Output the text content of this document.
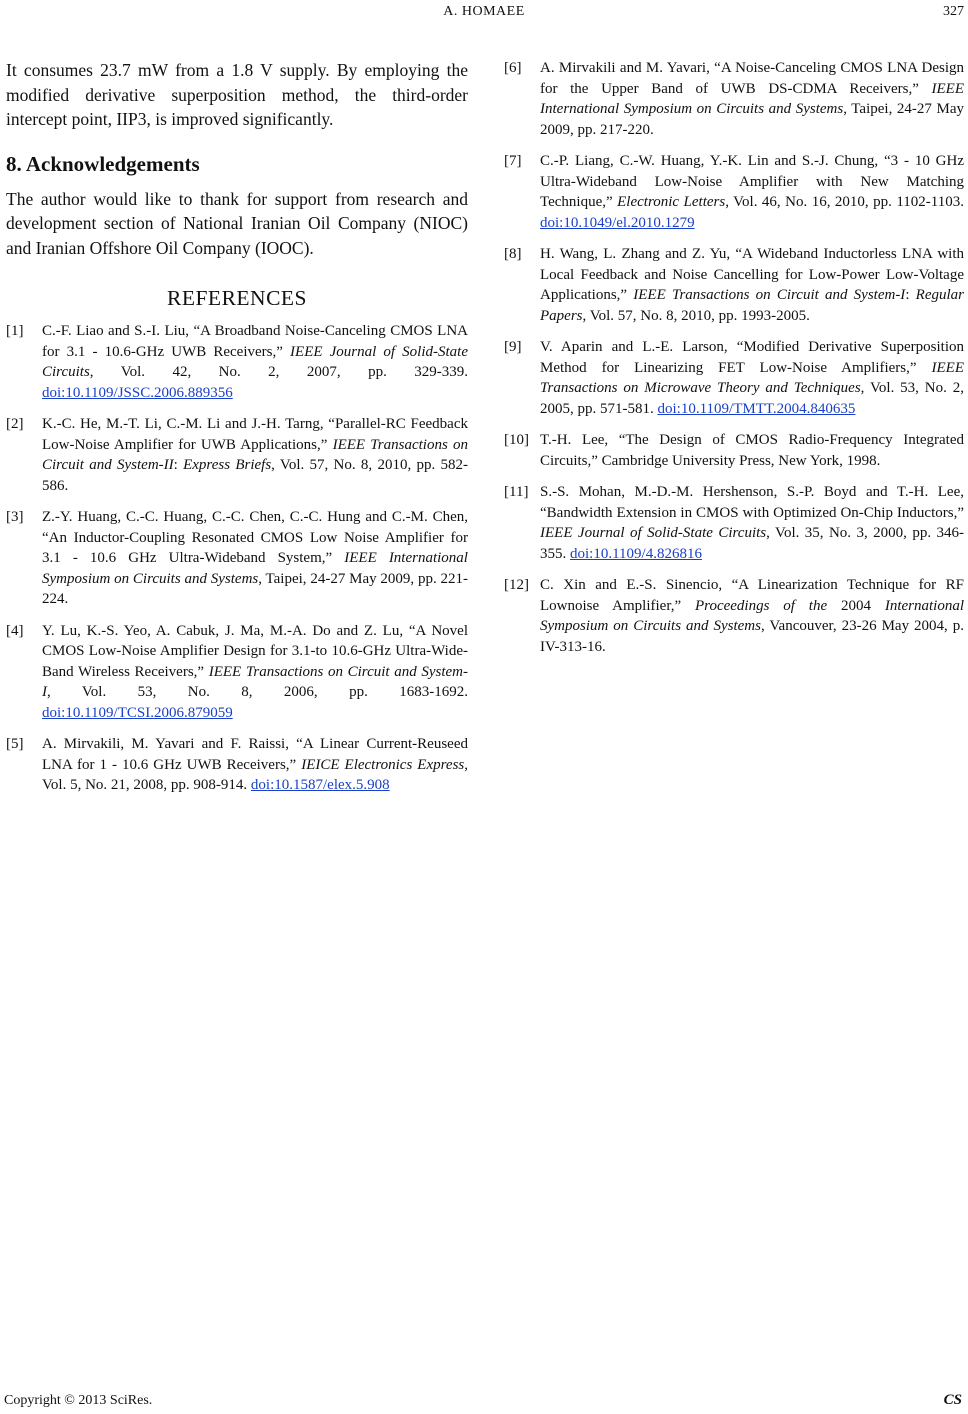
A. HOMAEE	327

It consumes 23.7 mW from a 1.8 V supply. By employing the modified derivative superposition method, the third-order intercept point, IIP3, is improved significantly.

8. Acknowledgements

The author would like to thank for support from research and development section of National Iranian Oil Company (NIOC) and Iranian Offshore Oil Company (IOOC).

REFERENCES
[1]	C.-F. Liao and S.-I. Liu, “A Broadband Noise-Canceling CMOS LNA for 3.1 - 10.6-GHz UWB Receivers,” IEEE Journal of Solid-State Circuits, Vol. 42, No. 2, 2007, pp. 329-339. doi:10.1109/JSSC.2006.889356
[2]	K.-C. He, M.-T. Li, C.-M. Li and J.-H. Tarng, “Parallel-RC Feedback Low-Noise Amplifier for UWB Applications,” IEEE Transactions on Circuit and System-II: Express Briefs, Vol. 57, No. 8, 2010, pp. 582-586.
[3]	Z.-Y. Huang, C.-C. Huang, C.-C. Chen, C.-C. Hung and C.-M. Chen, “An Inductor-Coupling Resonated CMOS Low Noise Amplifier for 3.1 - 10.6 GHz Ultra-Wideband System,” IEEE International Symposium on Circuits and Systems, Taipei, 24-27 May 2009, pp. 221-224.
[4]	Y. Lu, K.-S. Yeo, A. Cabuk, J. Ma, M.-A. Do and Z. Lu, “A Novel CMOS Low-Noise Amplifier Design for 3.1-to 10.6-GHz Ultra-Wide-Band Wireless Receivers,” IEEE Transactions on Circuit and System-I, Vol. 53, No. 8, 2006, pp. 1683-1692. doi:10.1109/TCSI.2006.879059
[5]	A. Mirvakili, M. Yavari and F. Raissi, “A Linear Current-Reuseed LNA for 1 - 10.6 GHz UWB Receivers,” IEICE Electronics Express, Vol. 5, No. 21, 2008, pp. 908-914. doi:10.1587/elex.5.908
[6]	A. Mirvakili and M. Yavari, “A Noise-Canceling CMOS LNA Design for the Upper Band of UWB DS-CDMA Receivers,” IEEE International Symposium on Circuits and Systems, Taipei, 24-27 May 2009, pp. 217-220.
[7]	C.-P. Liang, C.-W. Huang, Y.-K. Lin and S.-J. Chung, “3 - 10 GHz Ultra-Wideband Low-Noise Amplifier with New Matching Technique,” Electronic Letters, Vol. 46, No. 16, 2010, pp. 1102-1103. doi:10.1049/el.2010.1279
[8]	H. Wang, L. Zhang and Z. Yu, “A Wideband Inductorless LNA with Local Feedback and Noise Cancelling for Low-Power Low-Voltage Applications,” IEEE Transactions on Circuit and System-I: Regular Papers, Vol. 57, No. 8, 2010, pp. 1993-2005.
[9]	V. Aparin and L.-E. Larson, “Modified Derivative Superposition Method for Linearizing FET Low-Noise Amplifiers,” IEEE Transactions on Microwave Theory and Techniques, Vol. 53, No. 2, 2005, pp. 571-581. doi:10.1109/TMTT.2004.840635
[10] T.-H. Lee, “The Design of CMOS Radio-Frequency Integrated Circuits,” Cambridge University Press, New York, 1998.
[11] S.-S. Mohan, M.-D.-M. Hershenson, S.-P. Boyd and T.-H. Lee, “Bandwidth Extension in CMOS with Optimized On-Chip Inductors,” IEEE Journal of Solid-State Circuits, Vol. 35, No. 3, 2000, pp. 346-355. doi:10.1109/4.826816
[12] C. Xin and E.-S. Sinencio, “A Linearization Technique for RF Lownoise Amplifier,” Proceedings of the 2004 International Symposium on Circuits and Systems, Vancouver, 23-26 May 2004, p. IV-313-16.
Copyright © 2013 SciRes.	CS
